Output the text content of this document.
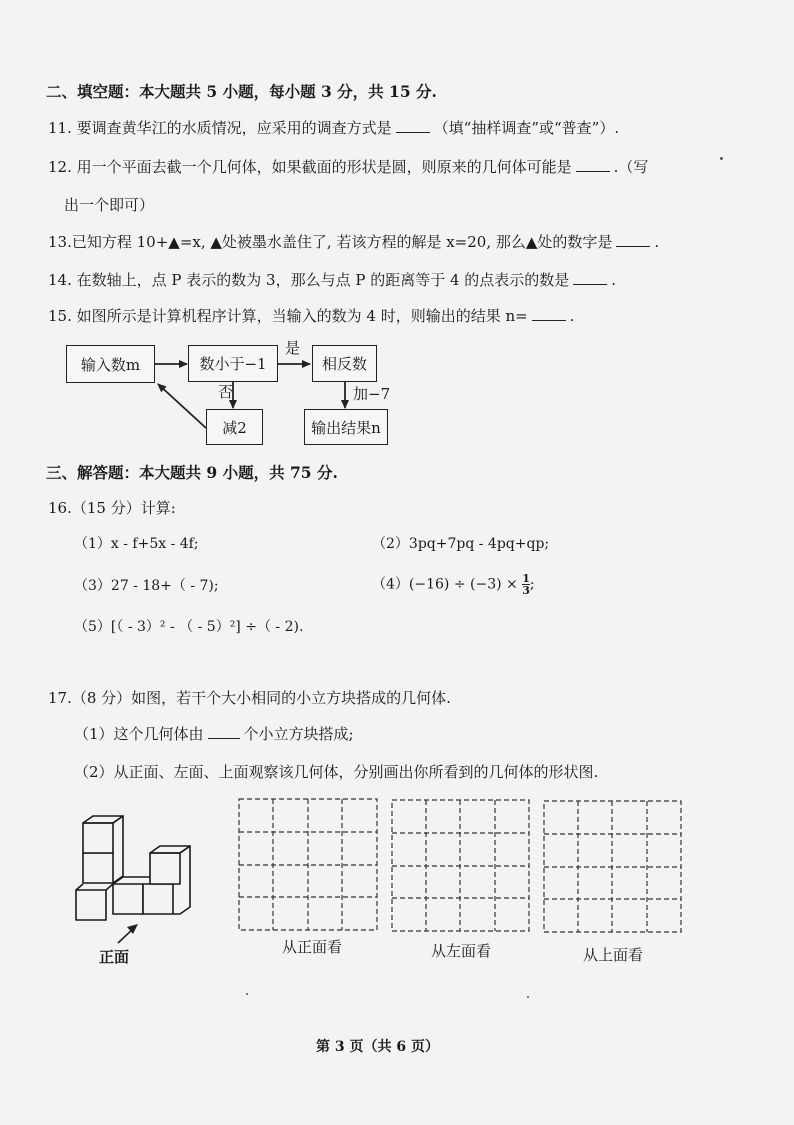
二、填空题：本大题共 5 小题，每小题 3 分，共 15 分.
11. 要调查黄华江的水质情况，应采用的调查方式是	（填“抽样调查”或“普查”）.
12. 用一个平面去截一个几何体，如果截面的形状是圆，则原来的几何体可能是	.（写
出一个即可）
13.已知方程 10+▲=x, ▲处被墨水盖住了, 若该方程的解是 x=20, 那么▲处的数字是	.
14. 在数轴上，点 P 表示的数为 3，那么与点 P 的距离等于 4 的点表示的数是	.
15. 如图所示是计算机程序计算，当输入的数为 4 时，则输出的结果 n=	.
输入数m	数小于−1	相反数
减2	输出结果n
是
否	加−7
三、解答题：本大题共 9 小题，共 75 分.
16.（15 分）计算:
（1）x - f+5x - 4f;	（2）3pq+7pq - 4pq+qp;
（3）27 - 18+（ - 7);	$(4)(-16) \div (-3) \times \frac{1}{3}$ ;
（5）[（ - 3）² - （ - 5）²] ÷（ - 2).
17.（8 分）如图，若干个大小相同的小立方块搭成的几何体.
（1）这个几何体由	个小立方块搭成;
（2）从正面、左面、上面观察该几何体，分别画出你所看到的几何体的形状图.
正面
从正面看	从左面看	从上面看
第 3 页（共 6 页）
